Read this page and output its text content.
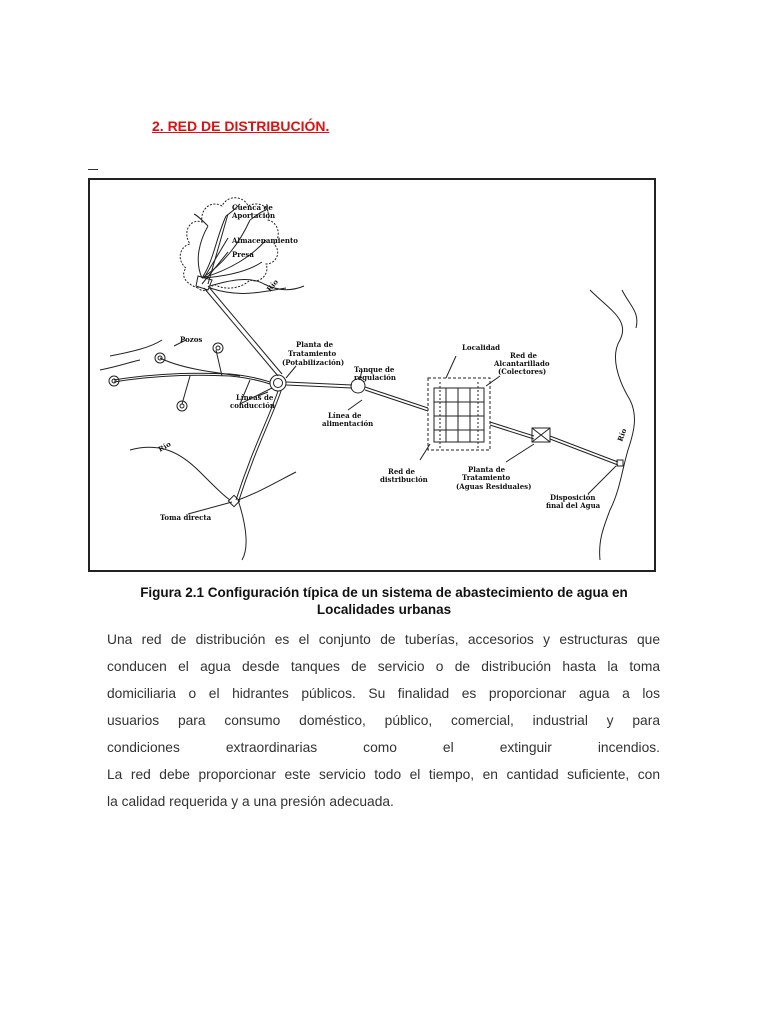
2. RED DE DISTRIBUCIÓN.
Cuenca de
Aportación
Almacenamiento
Presa
Río
Pozos
Planta de
Tratamiento
(Potabilización)
Tanque de
regulación
Líneas de
conducción
Línea de
alimentación
Localidad
Red de
Alcantarillado
(Colectores)
Red de
distribución
Planta de
Tratamiento
(Aguas Residuales)
Disposición
final del Agua
Río
Río
Toma directa
Figura 2.1 Configuración típica de un sistema de abastecimiento de agua en
Localidades urbanas
Una red de distribución es el conjunto de tuberías, accesorios y estructuras que
conducen el agua desde tanques de servicio o de distribución hasta la toma
domiciliaria o el hidrantes públicos. Su finalidad es proporcionar agua a los
usuarios para consumo doméstico, público, comercial, industrial y para
condiciones extraordinarias como el extinguir incendios.
La red debe proporcionar este servicio todo el tiempo, en cantidad suficiente, con
la calidad requerida y a una presión adecuada.
